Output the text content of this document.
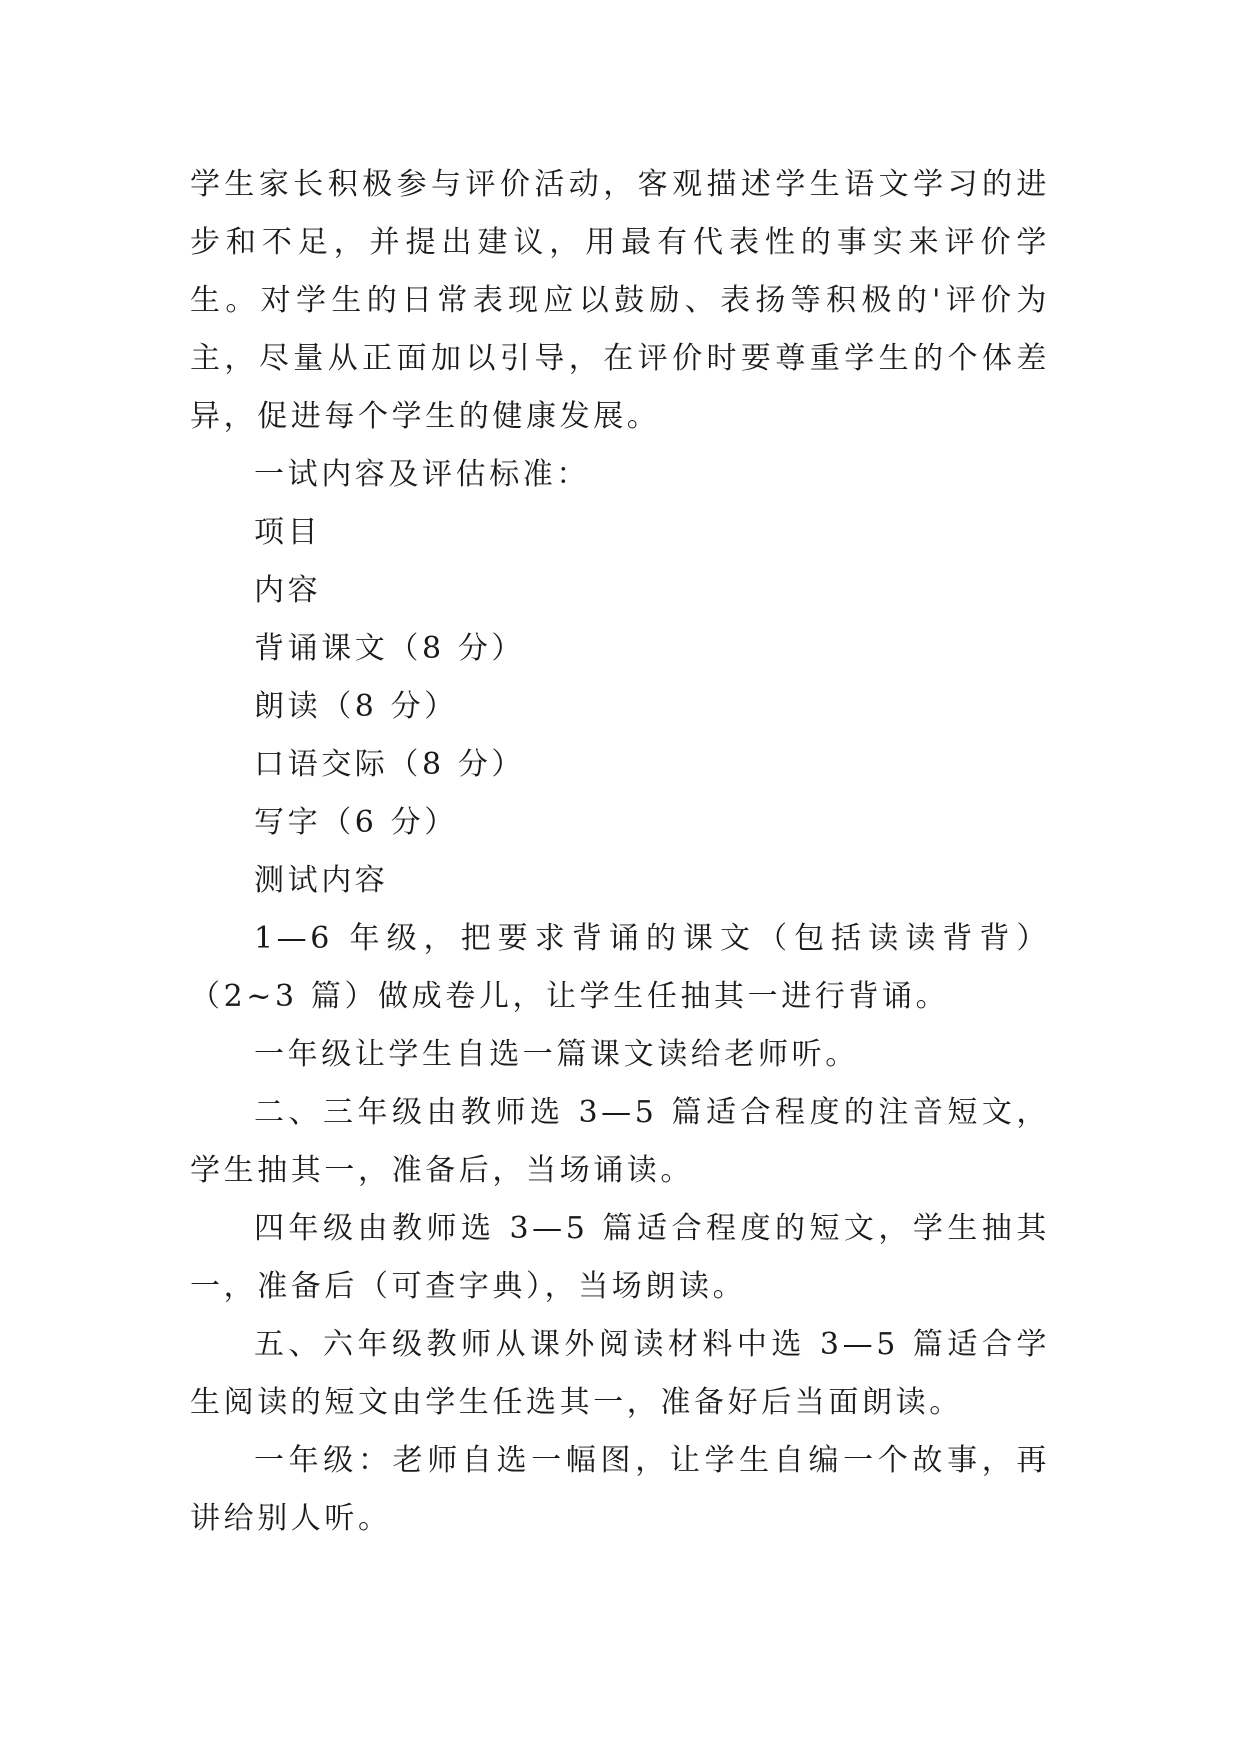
学生家长积极参与评价活动，客观描述学生语文学习的进步和不足，并提出建议，用最有代表性的事实来评价学生。对学生的日常表现应以鼓励、表扬等积极的'评价为主，尽量从正面加以引导，在评价时要尊重学生的个体差异，促进每个学生的健康发展。

一试内容及评估标准：

项目

内容

背诵课文（8 分）

朗读（8 分）

口语交际（8 分）

写字（6 分）

测试内容

1—6 年级，把要求背诵的课文（包括读读背背）（2~3 篇）做成卷儿，让学生任抽其一进行背诵。

一年级让学生自选一篇课文读给老师听。

二、三年级由教师选 3—5 篇适合程度的注音短文，学生抽其一，准备后，当场诵读。

四年级由教师选 3—5 篇适合程度的短文，学生抽其一，准备后（可查字典），当场朗读。

五、六年级教师从课外阅读材料中选 3—5 篇适合学生阅读的短文由学生任选其一，准备好后当面朗读。

一年级：老师自选一幅图，让学生自编一个故事，再讲给别人听。
